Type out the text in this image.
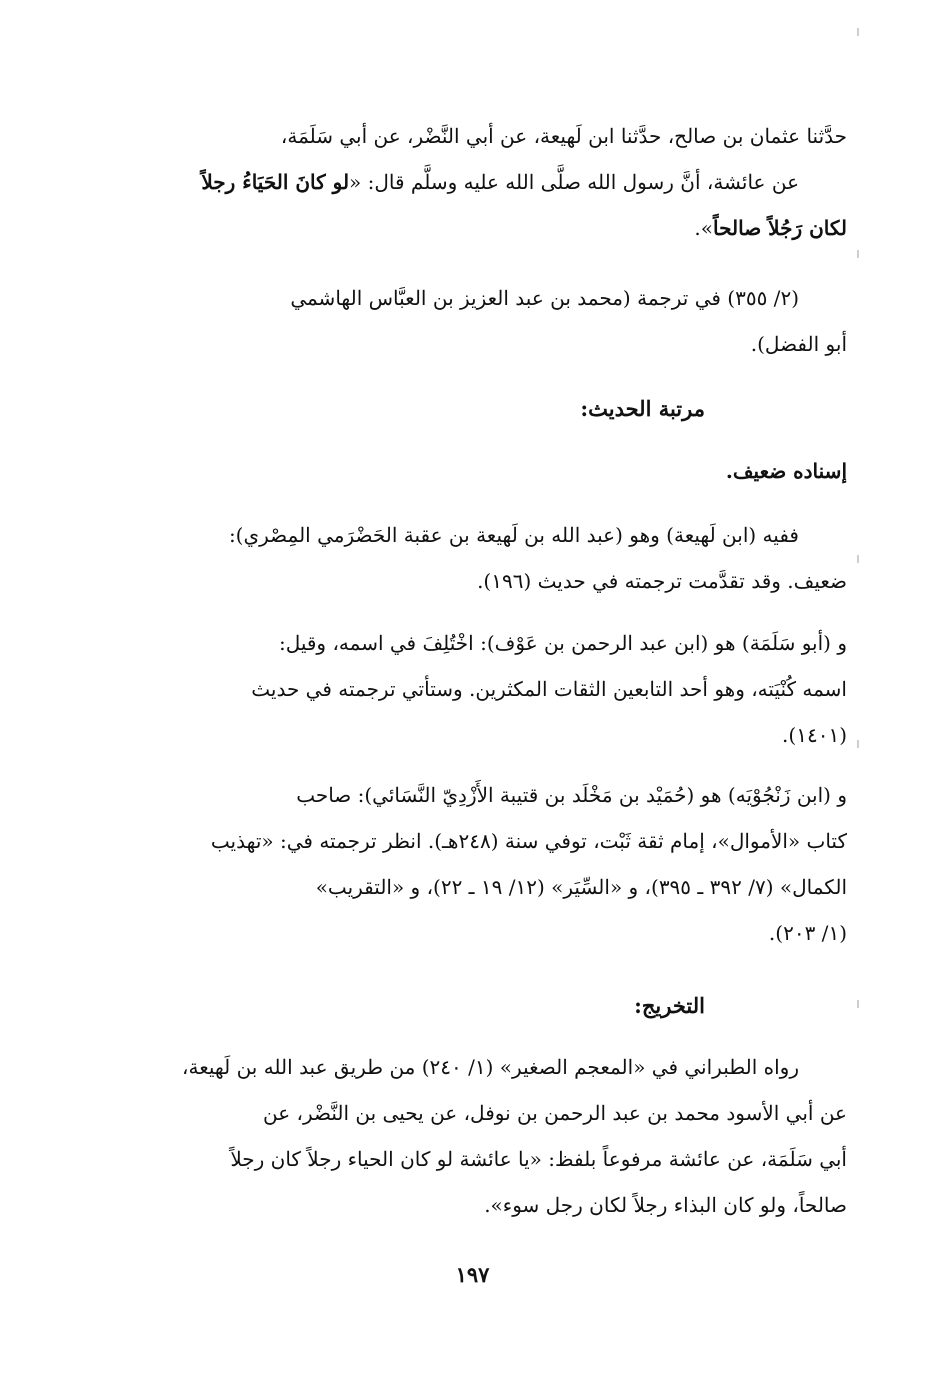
حدَّثنا عثمان بن صالح، حدَّثنا ابن لَهيعة، عن أبي النَّضْر، عن أبي سَلَمَة،
عن عائشة، أنَّ رسول الله صلَّى الله عليه وسلَّم قال: «لو كانَ الحَيَاءُ رجلاً
لكان رَجُلاً صالحاً».

(٢/ ٣٥٥) في ترجمة (محمد بن عبد العزيز بن العبَّاس الهاشمي
أبو الفضل).

مرتبة الحديث:

إسناده ضعيف.

ففيه (ابن لَهيعة) وهو (عبد الله بن لَهيعة بن عقبة الحَضْرَمي المِصْري):
ضعيف. وقد تقدَّمت ترجمته في حديث (١٩٦).

و (أبو سَلَمَة) هو (ابن عبد الرحمن بن عَوْف): اخْتُلِفَ في اسمه، وقيل:
اسمه كُنْيَته، وهو أحد التابعين الثقات المكثرين. وستأتي ترجمته في حديث
(١٤٠١).

و (ابن زَنْجُوْيَه) هو (حُمَيْد بن مَخْلَد بن قتيبة الأَزْدِيّ النَّسَائي): صاحب
كتاب «الأموال»، إمام ثقة ثَبْت، توفي سنة (٢٤٨هـ). انظر ترجمته في: «تهذيب
الكمال» (٧/ ٣٩٢ ـ ٣٩٥)، و «السِّيَر» (١٢/ ١٩ ـ ٢٢)، و «التقريب»
(١/ ٢٠٣).

التخريج:

رواه الطبراني في «المعجم الصغير» (١/ ٢٤٠) من طريق عبد الله بن لَهيعة،
عن أبي الأسود محمد بن عبد الرحمن بن نوفل، عن يحيى بن النَّضْر، عن
أبي سَلَمَة، عن عائشة مرفوعاً بلفظ: «يا عائشة لو كان الحياء رجلاً كان رجلاً
صالحاً، ولو كان البذاء رجلاً لكان رجل سوء».

١٩٧
